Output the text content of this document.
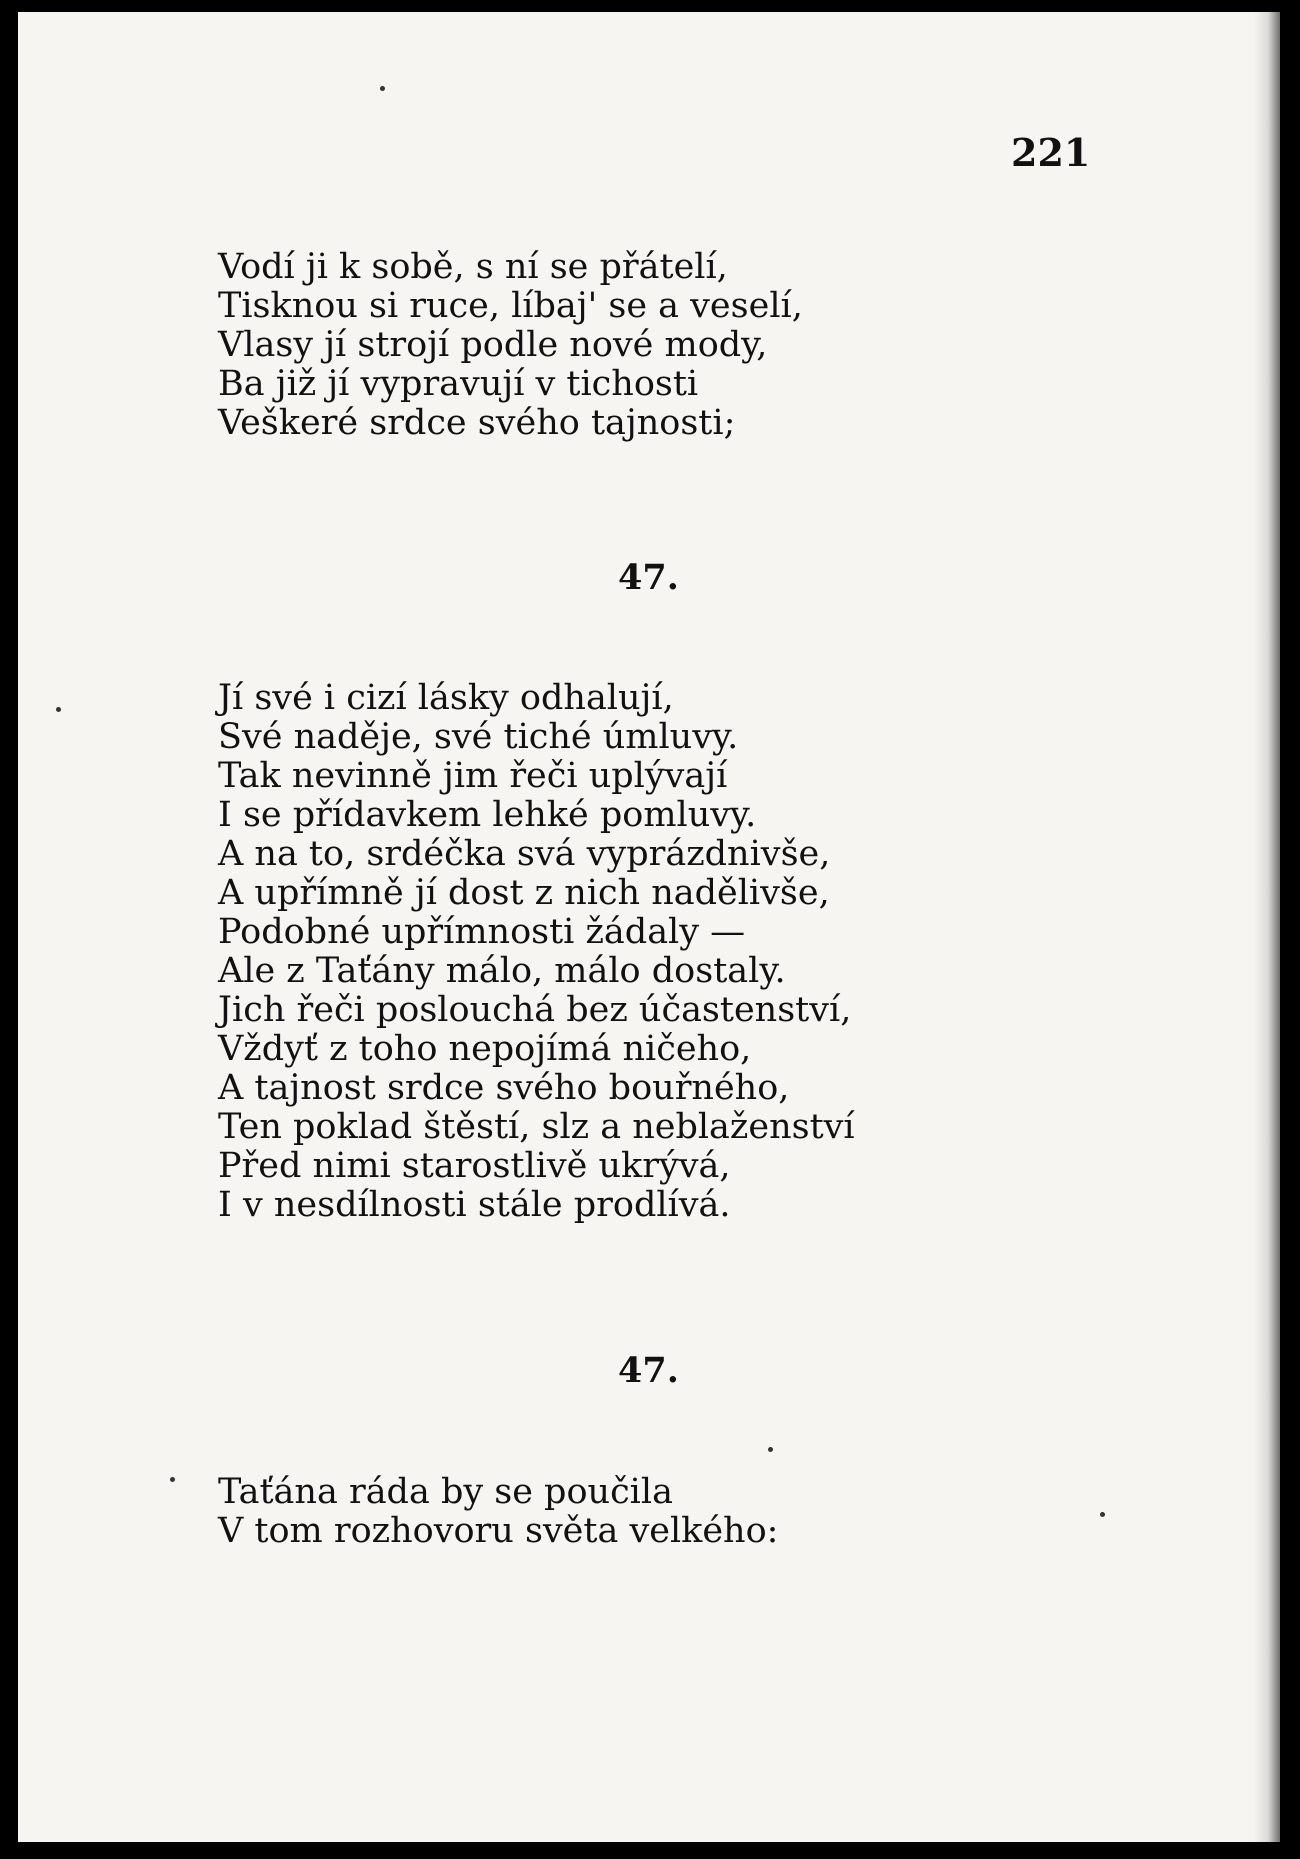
221

Vodí ji k sobě, s ní se přátelí,
Tisknou si ruce, líbaj' se a veselí,
Vlasy jí strojí podle nové mody,
Ba již jí vypravují v tichosti
Veškeré srdce svého tajnosti;
47.
Jí své i cizí lásky odhalují,
Své naděje, své tiché úmluvy.
Tak nevinně jim řeči uplývají
I se přídavkem lehké pomluvy.
A na to, srdéčka svá vyprázdnivše,
A upřímně jí dost z nich nadělivše,
Podobné upřímnosti žádaly —
Ale z Taťány málo, málo dostaly.
Jich řeči poslouchá bez účastenství,
Vždyť z toho nepojímá ničeho,
A tajnost srdce svého bouřného,
Ten poklad štěstí, slz a neblaženství
Před nimi starostlivě ukrývá,
I v nesdílnosti stále prodlívá.
47.
Taťána ráda by se poučila
V tom rozhovoru světa velkého:
